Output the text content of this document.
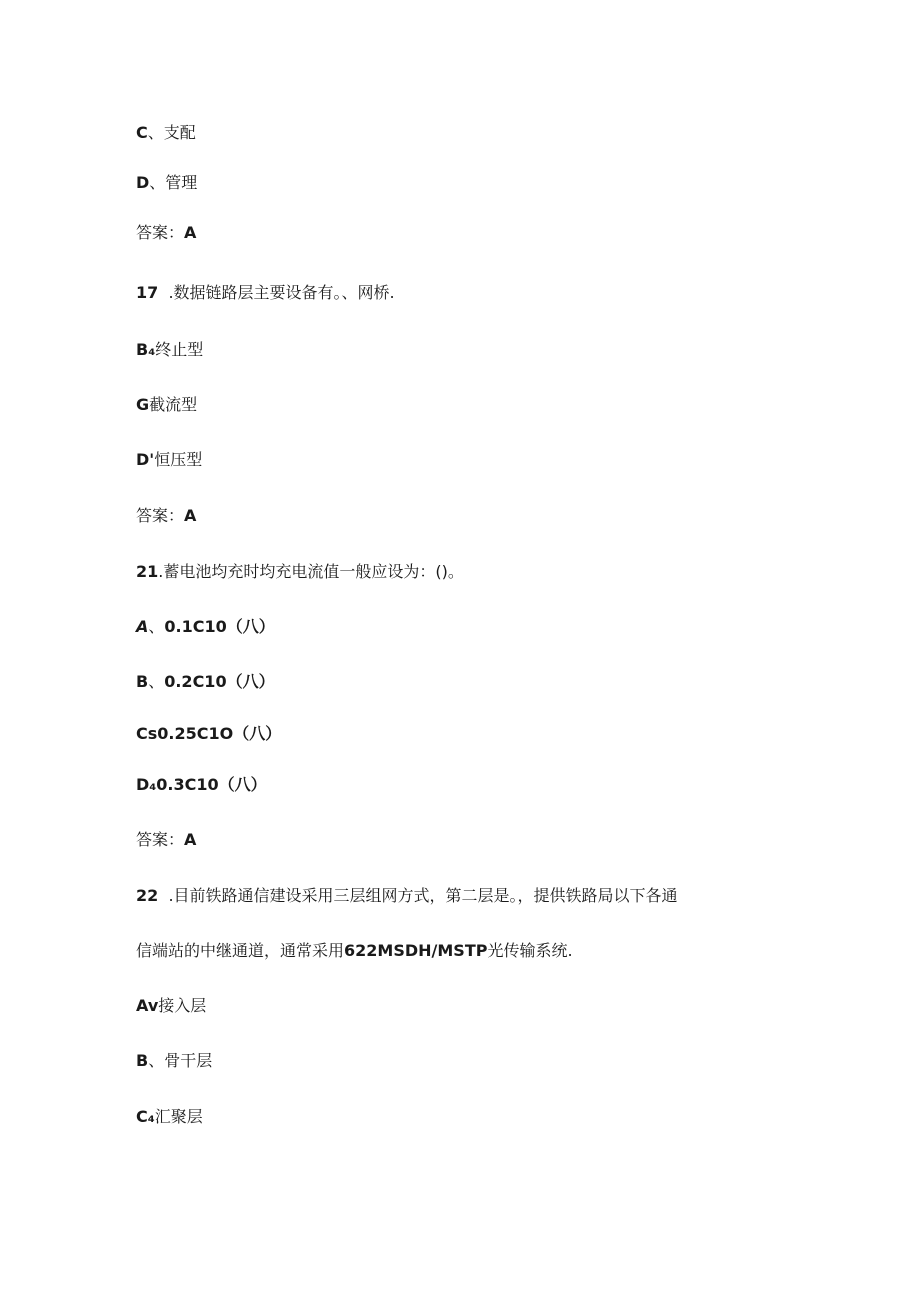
C、支配
D、管理
答案：A
17  .数据链路层主要设备有。、网桥.
B₄终止型
G截流型
D'恒压型
答案：A
21.蓄电池均充时均充电流值一般应设为：()。
A、0.1C10（八）
B、0.2C10（八）
Cs0.25C1O（八）
D₄0.3C10（八）
答案：A
22  .目前铁路通信建设采用三层组网方式，第二层是。，提供铁路局以下各通
信端站的中继通道，通常采用622MSDH/MSTP光传输系统.
Av接入层
B、骨干层
C₄汇聚层
